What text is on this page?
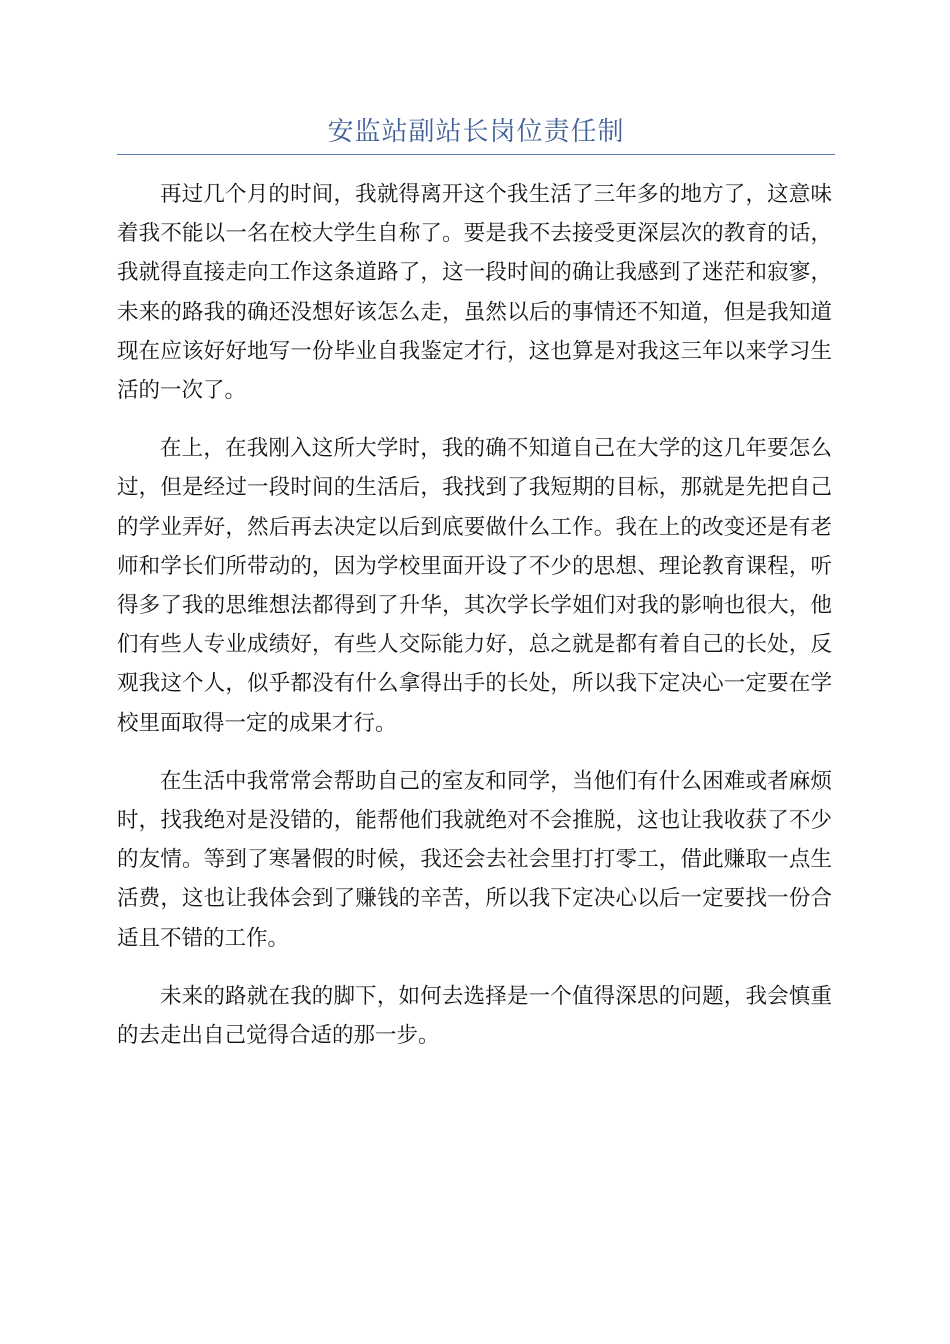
安监站副站长岗位责任制

再过几个月的时间，我就得离开这个我生活了三年多的地方了，这意味着我不能以一名在校大学生自称了。要是我不去接受更深层次的教育的话，我就得直接走向工作这条道路了，这一段时间的确让我感到了迷茫和寂寥，未来的路我的确还没想好该怎么走，虽然以后的事情还不知道，但是我知道现在应该好好地写一份毕业自我鉴定才行，这也算是对我这三年以来学习生活的一次了。

在上，在我刚入这所大学时，我的确不知道自己在大学的这几年要怎么过，但是经过一段时间的生活后，我找到了我短期的目标，那就是先把自己的学业弄好，然后再去决定以后到底要做什么工作。我在上的改变还是有老师和学长们所带动的，因为学校里面开设了不少的思想、理论教育课程，听得多了我的思维想法都得到了升华，其次学长学姐们对我的影响也很大，他们有些人专业成绩好，有些人交际能力好，总之就是都有着自己的长处，反观我这个人，似乎都没有什么拿得出手的长处，所以我下定决心一定要在学校里面取得一定的成果才行。

在生活中我常常会帮助自己的室友和同学，当他们有什么困难或者麻烦时，找我绝对是没错的，能帮他们我就绝对不会推脱，这也让我收获了不少的友情。等到了寒暑假的时候，我还会去社会里打打零工，借此赚取一点生活费，这也让我体会到了赚钱的辛苦，所以我下定决心以后一定要找一份合适且不错的工作。

未来的路就在我的脚下，如何去选择是一个值得深思的问题，我会慎重的去走出自己觉得合适的那一步。
